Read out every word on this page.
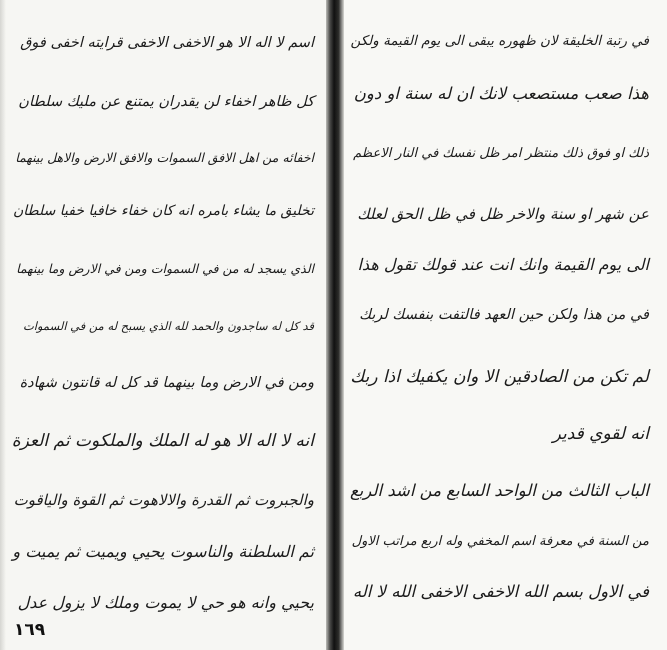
اسم لا اله الا هو الاخفى الاخفى قرايته اخفى فوق
كل ظاهر اخفاء لن يقدران يمتنع عن مليك سلطان
اخفائه من اهل الافق السموات والافق الارض والاهل بينهما
تخليق ما يشاء بامره انه كان خفاء خافيا خفيا سلطان
الذي يسجد له من في السموات ومن في الارض وما بينهما
قد كل له ساجدون والحمد لله الذي يسبح له من في السموات
ومن في الارض وما بينهما قد كل له قانتون شهادة
انه لا اله الا هو له الملك والملكوت ثم العزة
والجبروت ثم القدرة والالاهوت ثم القوة والياقوت
ثم السلطنة والناسوت يحيي ويميت ثم يميت و
يحيي وانه هو حي لا يموت وملك لا يزول عدل
١٦٩
في رتبة الخليقة لان ظهوره يبقى الى يوم القيمة ولكن
هذا صعب مستصعب لانك ان له سنة او دون
ذلك او فوق ذلك منتظر امر ظل نفسك في النار الاعظم
عن شهر او سنة والاخر ظل في ظل الحق لعلك
الى يوم القيمة وانك انت عند قولك تقول هذا
في من هذا ولكن حين العهد فالتفت بنفسك لربك
لم تكن من الصادقين الا وان يكفيك اذا ربك
انه لقوي قدير
الباب الثالث من الواحد السابع من اشد الربع
من السنة في معرفة اسم المخفي وله اربع مراتب الاول
في الاول بسم الله الاخفى الاخفى الله لا اله
